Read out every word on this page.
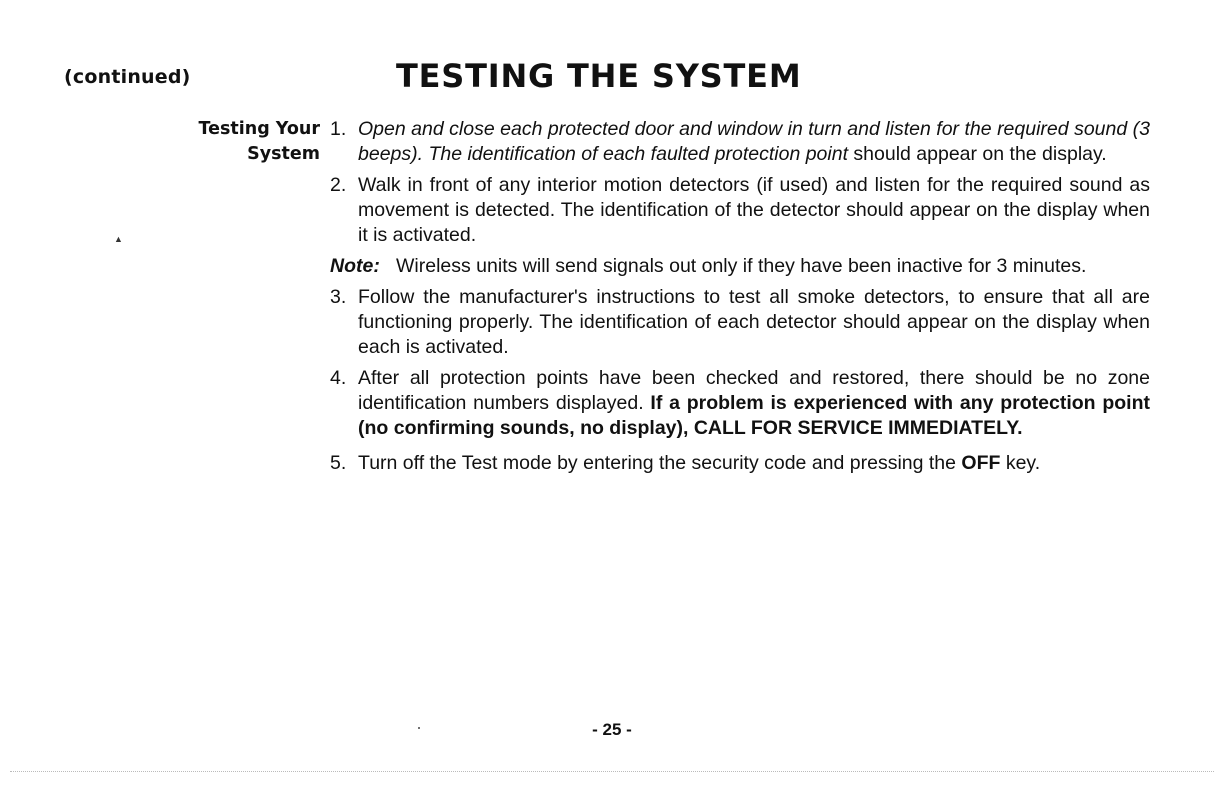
(continued)	TESTING THE SYSTEM
Testing Your
System
▲
1. Open and close each protected door and window in turn and listen for the required sound (3 beeps). The identification of each faulted protection point should appear on the display.
2. Walk in front of any interior motion detectors (if used) and listen for the required sound as movement is detected. The identification of the detector should appear on the display when it is activated.
Note: Wireless units will send signals out only if they have been inactive for 3 minutes.
3. Follow the manufacturer's instructions to test all smoke detectors, to ensure that all are functioning properly. The identification of each detector should appear on the display when each is activated.
4. After all protection points have been checked and restored, there should be no zone identification numbers displayed. If a problem is experienced with any protection point (no confirming sounds, no display), CALL FOR SERVICE IMMEDIATELY.
5. Turn off the Test mode by entering the security code and pressing the OFF key.
- 25 -
